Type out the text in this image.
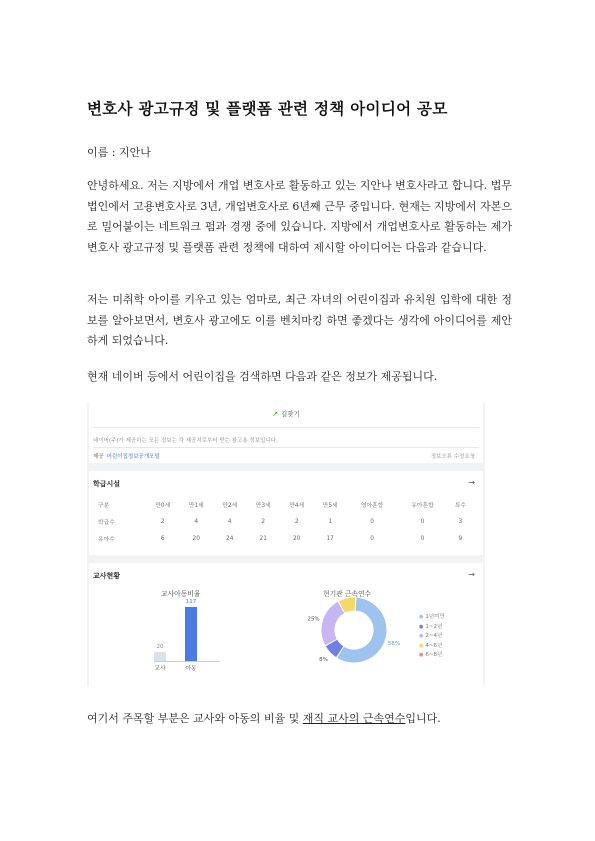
변호사 광고규정 및 플랫폼 관련 정책 아이디어 공모
이름 : 지안나
안녕하세요. 저는 지방에서 개업 변호사로 활동하고 있는 지안나 변호사라고 합니다. 법무법인에서 고용변호사로 3년, 개업변호사로 6년째 근무 중입니다. 현재는 지방에서 자본으로 밀어붙이는 네트워크 펌과 경쟁 중에 있습니다. 지방에서 개업변호사로 활동하는 제가 변호사 광고규정 및 플랫폼 관련 정책에 대하여 제시할 아이디어는 다음과 같습니다.
저는 미취학 아이를 키우고 있는 엄마로, 최근 자녀의 어린이집과 유치원 입학에 대한 정보를 알아보면서, 변호사 광고에도 이를 벤치마킹 하면 좋겠다는 생각에 아이디어를 제안하게 되었습니다.
현재 네이버 등에서 어린이집을 검색하면 다음과 같은 정보가 제공됩니다.
↗ 길찾기
네이버(주)가 제공하는 모든 정보는 각 제공처로부터 받는 참고용 정보입니다.
제공 어린이집정보공개포털	정보오류 수정요청
학급시설	→
구분	만0세	만1세	만2세	만3세	만4세	만5세	영아혼합	유아혼합	특수
학급수	2	4	4	2	2	1	0	0	3
유아수	6	20	24	21	20	17	0	0	9
교사현황	→
교사아동비율	현기관 근속연수
20
117
58%
8%
25%	● 1년미만
● 1~2년
● 2~4년
● 4~6년
● 6~8년
교사	아동
여기서 주목할 부분은 교사와 아동의 비율 및 재직 교사의 근속연수입니다.
